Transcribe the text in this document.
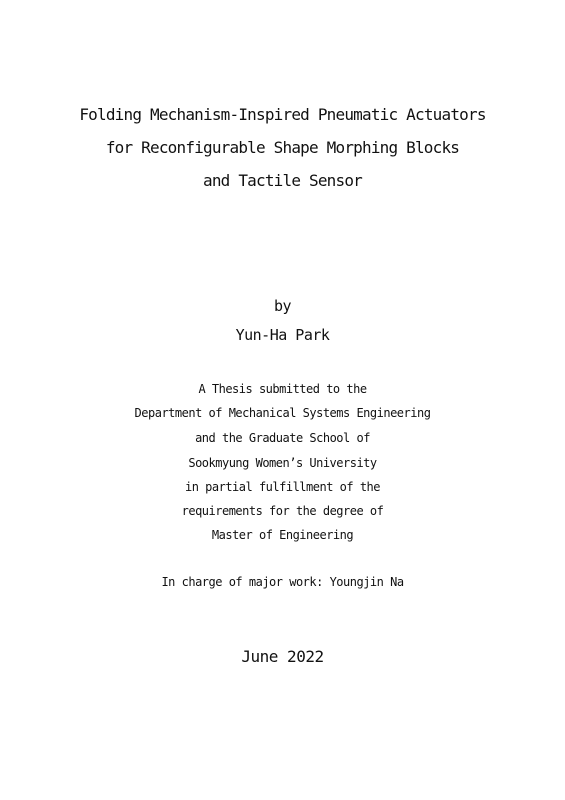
Folding Mechanism-Inspired Pneumatic Actuators
for Reconfigurable Shape Morphing Blocks
and Tactile Sensor
by
Yun-Ha Park
A Thesis submitted to the
Department of Mechanical Systems Engineering
and the Graduate School of
Sookmyung Women’s University
in partial fulfillment of the
requirements for the degree of
Master of Engineering
In charge of major work: Youngjin Na
June 2022
